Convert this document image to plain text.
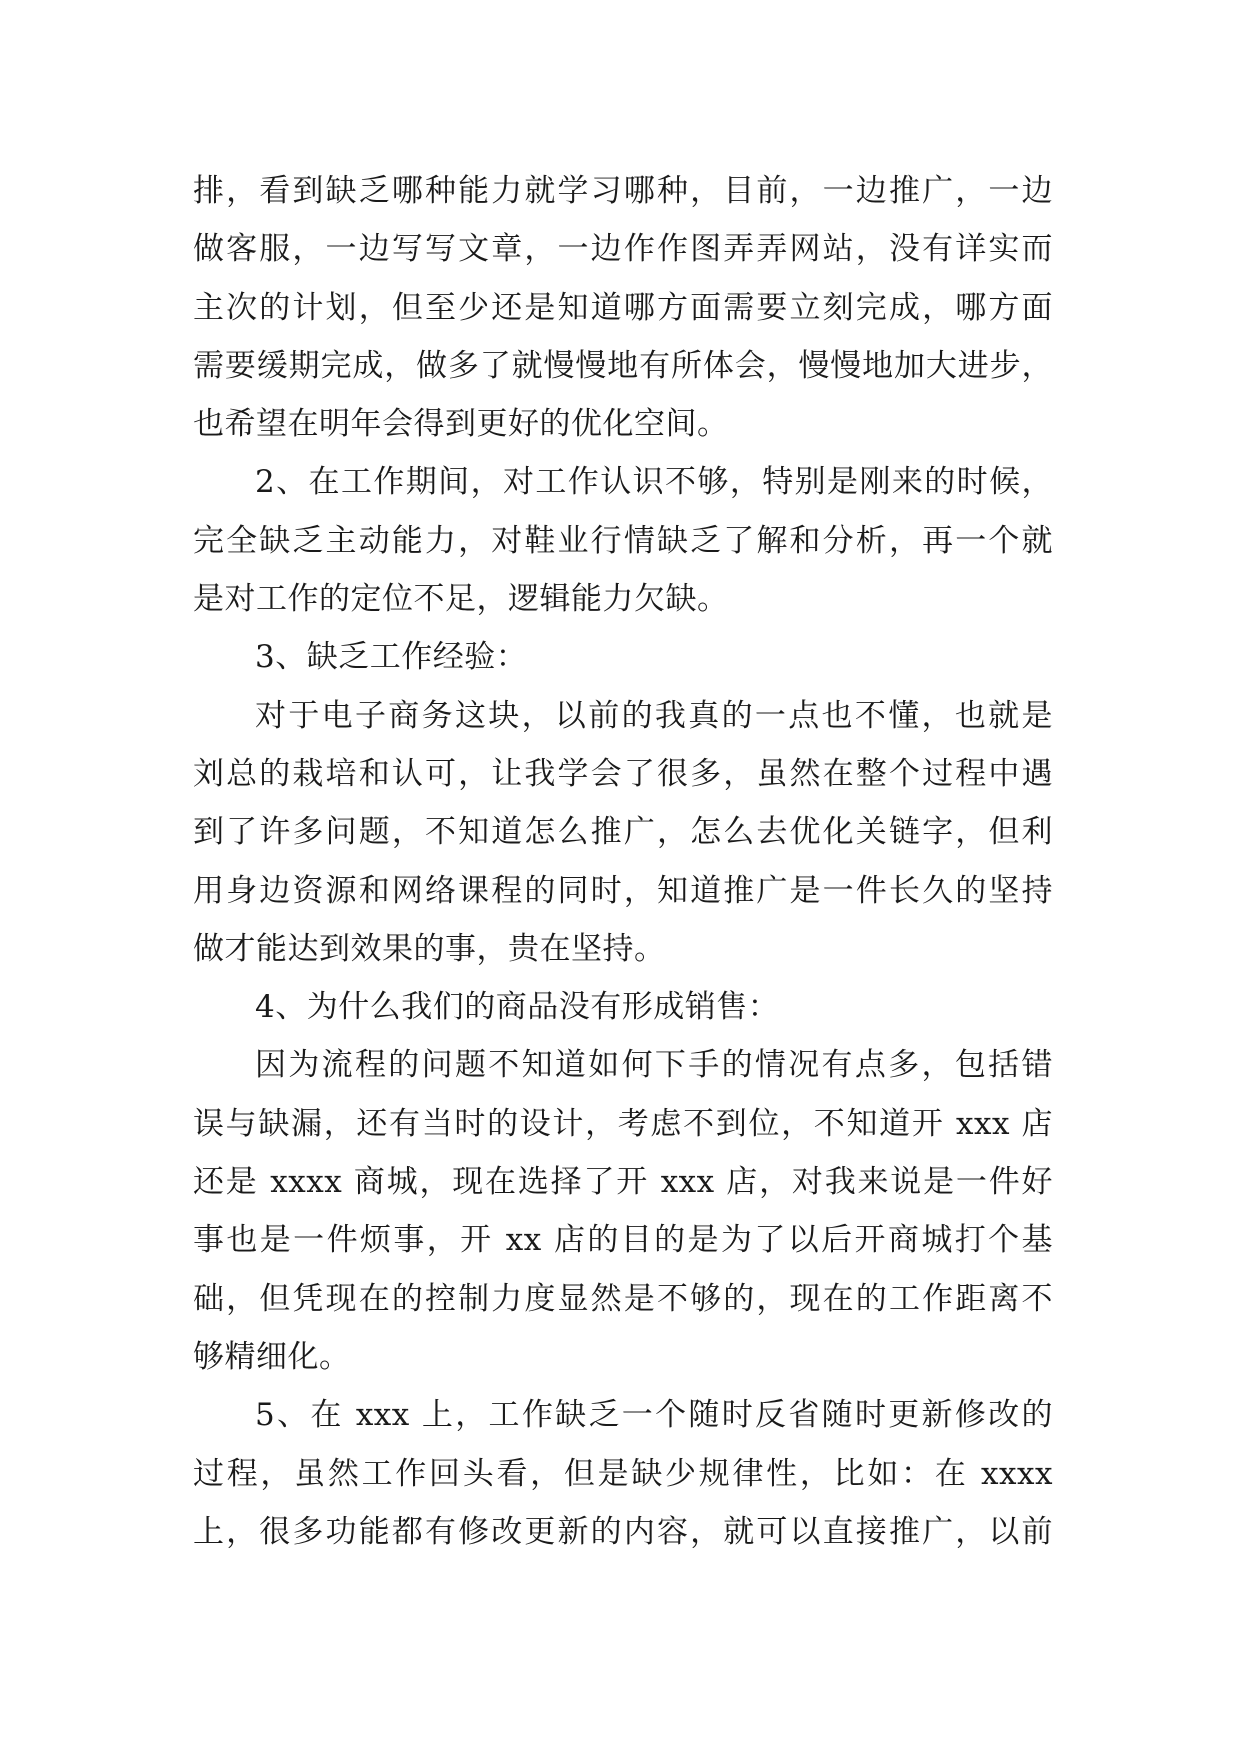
排，看到缺乏哪种能力就学习哪种，目前，一边推广，一边
做客服，一边写写文章，一边作作图弄弄网站，没有详实而
主次的计划，但至少还是知道哪方面需要立刻完成，哪方面
需要缓期完成，做多了就慢慢地有所体会，慢慢地加大进步，
也希望在明年会得到更好的优化空间。
2、在工作期间，对工作认识不够，特别是刚来的时候，
完全缺乏主动能力，对鞋业行情缺乏了解和分析，再一个就
是对工作的定位不足，逻辑能力欠缺。
3、缺乏工作经验：
对于电子商务这块，以前的我真的一点也不懂，也就是
刘总的栽培和认可，让我学会了很多，虽然在整个过程中遇
到了许多问题，不知道怎么推广，怎么去优化关链字，但利
用身边资源和网络课程的同时，知道推广是一件长久的坚持
做才能达到效果的事，贵在坚持。
4、为什么我们的商品没有形成销售：
因为流程的问题不知道如何下手的情况有点多，包括错
误与缺漏，还有当时的设计，考虑不到位，不知道开 xxx 店
还是 xxxx 商城，现在选择了开 xxx 店，对我来说是一件好
事也是一件烦事，开 xx 店的目的是为了以后开商城打个基
础，但凭现在的控制力度显然是不够的，现在的工作距离不
够精细化。
5、在 xxx 上，工作缺乏一个随时反省随时更新修改的
过程，虽然工作回头看，但是缺少规律性，比如：在 xxxx
上，很多功能都有修改更新的内容，就可以直接推广，以前
